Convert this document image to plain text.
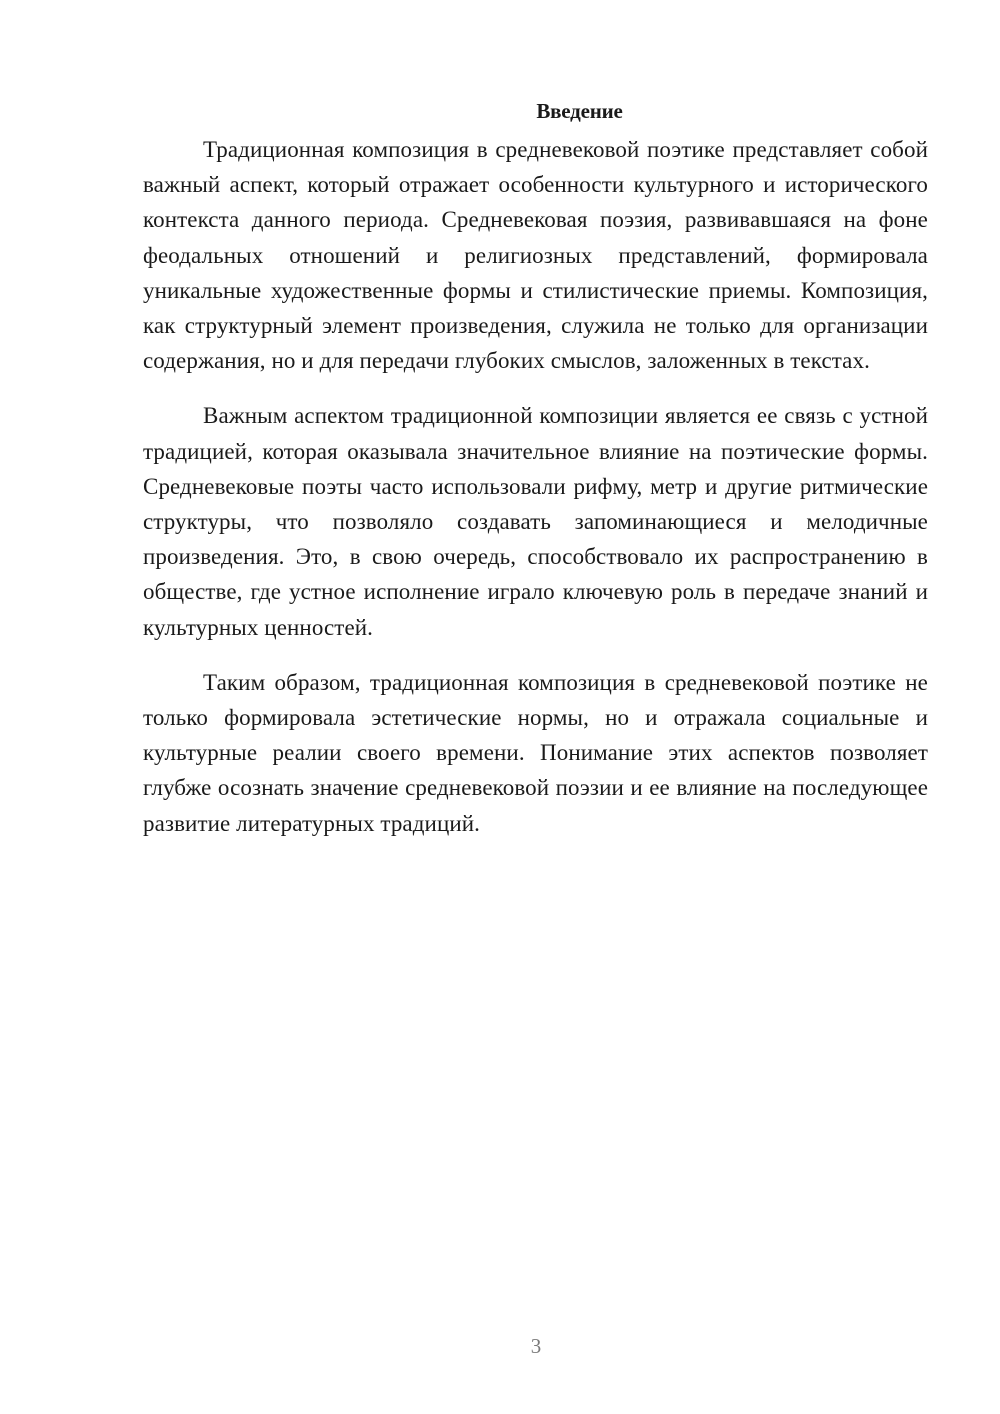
Введение

Традиционная композиция в средневековой поэтике представляет собой важный аспект, который отражает особенности культурного и исторического контекста данного периода. Средневековая поэзия, развивавшаяся на фоне феодальных отношений и религиозных представлений, формировала уникальные художественные формы и стилистические приемы. Композиция, как структурный элемент произведения, служила не только для организации содержания, но и для передачи глубоких смыслов, заложенных в текстах.

Важным аспектом традиционной композиции является ее связь с устной традицией, которая оказывала значительное влияние на поэтические формы. Средневековые поэты часто использовали рифму, метр и другие ритмические структуры, что позволяло создавать запоминающиеся и мелодичные произведения. Это, в свою очередь, способствовало их распространению в обществе, где устное исполнение играло ключевую роль в передаче знаний и культурных ценностей.

Таким образом, традиционная композиция в средневековой поэтике не только формировала эстетические нормы, но и отражала социальные и культурные реалии своего времени. Понимание этих аспектов позволяет глубже осознать значение средневековой поэзии и ее влияние на последующее развитие литературных традиций.

3
